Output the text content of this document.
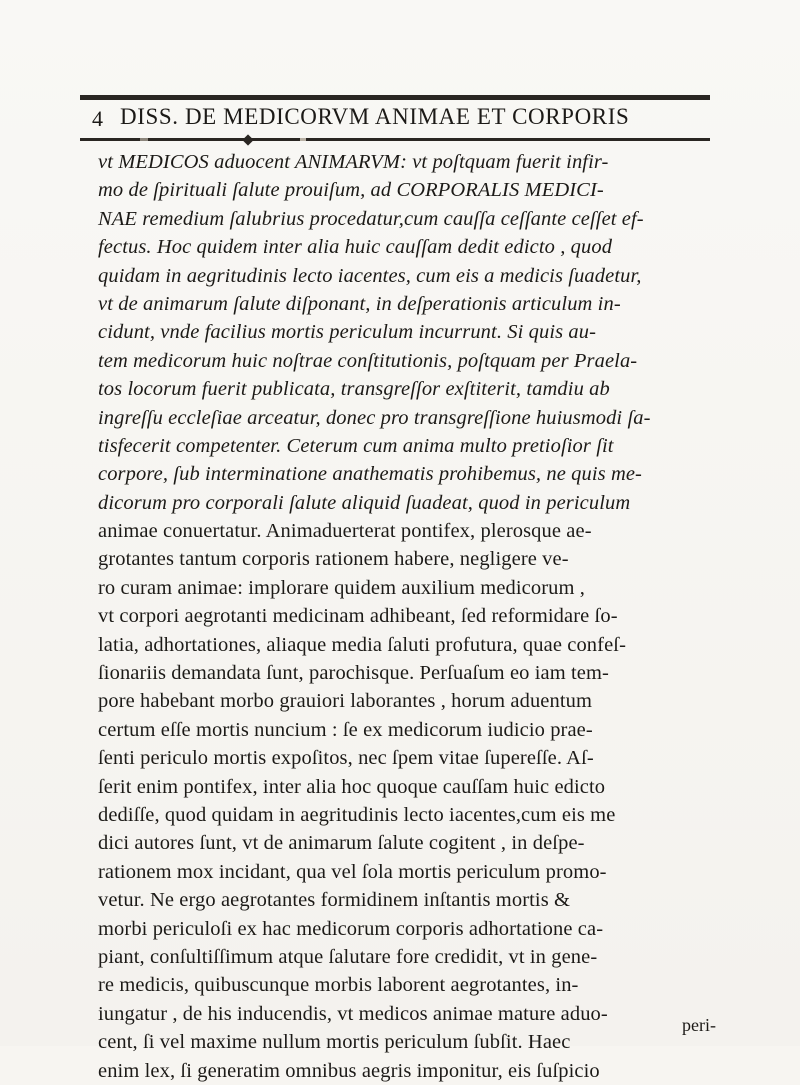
4 DISS. DE MEDICORVM ANIMAE ET CORPORIS
vt MEDICOS aduocent ANIMARVM: vt poſtquam fuerit infir-
mo de ſpirituali ſalute prouiſum, ad CORPORALIS MEDICI-
NAE remedium ſalubrius procedatur,cum cauſſa ceſſante ceſſet ef-
fectus. Hoc quidem inter alia huic cauſſam dedit edicto , quod
quidam in aegritudinis lecto iacentes, cum eis a medicis ſuadetur,
vt de animarum ſalute diſponant, in deſperationis articulum in-
cidunt, vnde facilius mortis periculum incurrunt. Si quis au-
tem medicorum huic noſtrae conſtitutionis, poſtquam per Praela-
tos locorum fuerit publicata, transgreſſor exſtiterit, tamdiu ab
ingreſſu eccleſiae arceatur, donec pro transgreſſione huiusmodi ſa-
tisfecerit competenter. Ceterum cum anima multo pretioſior ſit
corpore, ſub interminatione anathematis prohibemus, ne quis me-
dicorum pro corporali ſalute aliquid ſuadeat, quod in periculum
animae conuertatur. Animaduerterat pontifex, plerosque ae-
grotantes tantum corporis rationem habere, negligere ve-
ro curam animae: implorare quidem auxilium medicorum ,
vt corpori aegrotanti medicinam adhibeant, ſed reformidare ſo-
latia, adhortationes, aliaque media ſaluti profutura, quae confeſ-
ſionariis demandata ſunt, parochisque. Perſuaſum eo iam tem-
pore habebant morbo grauiori laborantes , horum aduentum
certum eſſe mortis nuncium : ſe ex medicorum iudicio prae-
ſenti periculo mortis expoſitos, nec ſpem vitae ſupereſſe. Aſ-
ſerit enim pontifex, inter alia hoc quoque cauſſam huic edicto
dediſſe, quod quidam in aegritudinis lecto iacentes,cum eis me
dici autores ſunt, vt de animarum ſalute cogitent , in deſpe-
rationem mox incidant, qua vel ſola mortis periculum promo-
vetur. Ne ergo aegrotantes formidinem inſtantis mortis &
morbi periculoſi ex hac medicorum corporis adhortatione ca-
piant, conſultiſſimum atque ſalutare fore credidit, vt in gene-
re medicis, quibuscunque morbis laborent aegrotantes, in-
iungatur , de his inducendis, vt medicos animae mature aduo-
cent, ſi vel maxime nullum mortis periculum ſubſit. Haec
enim lex, ſi generatim omnibus aegris imponitur, eis ſuſpicio
peri-
